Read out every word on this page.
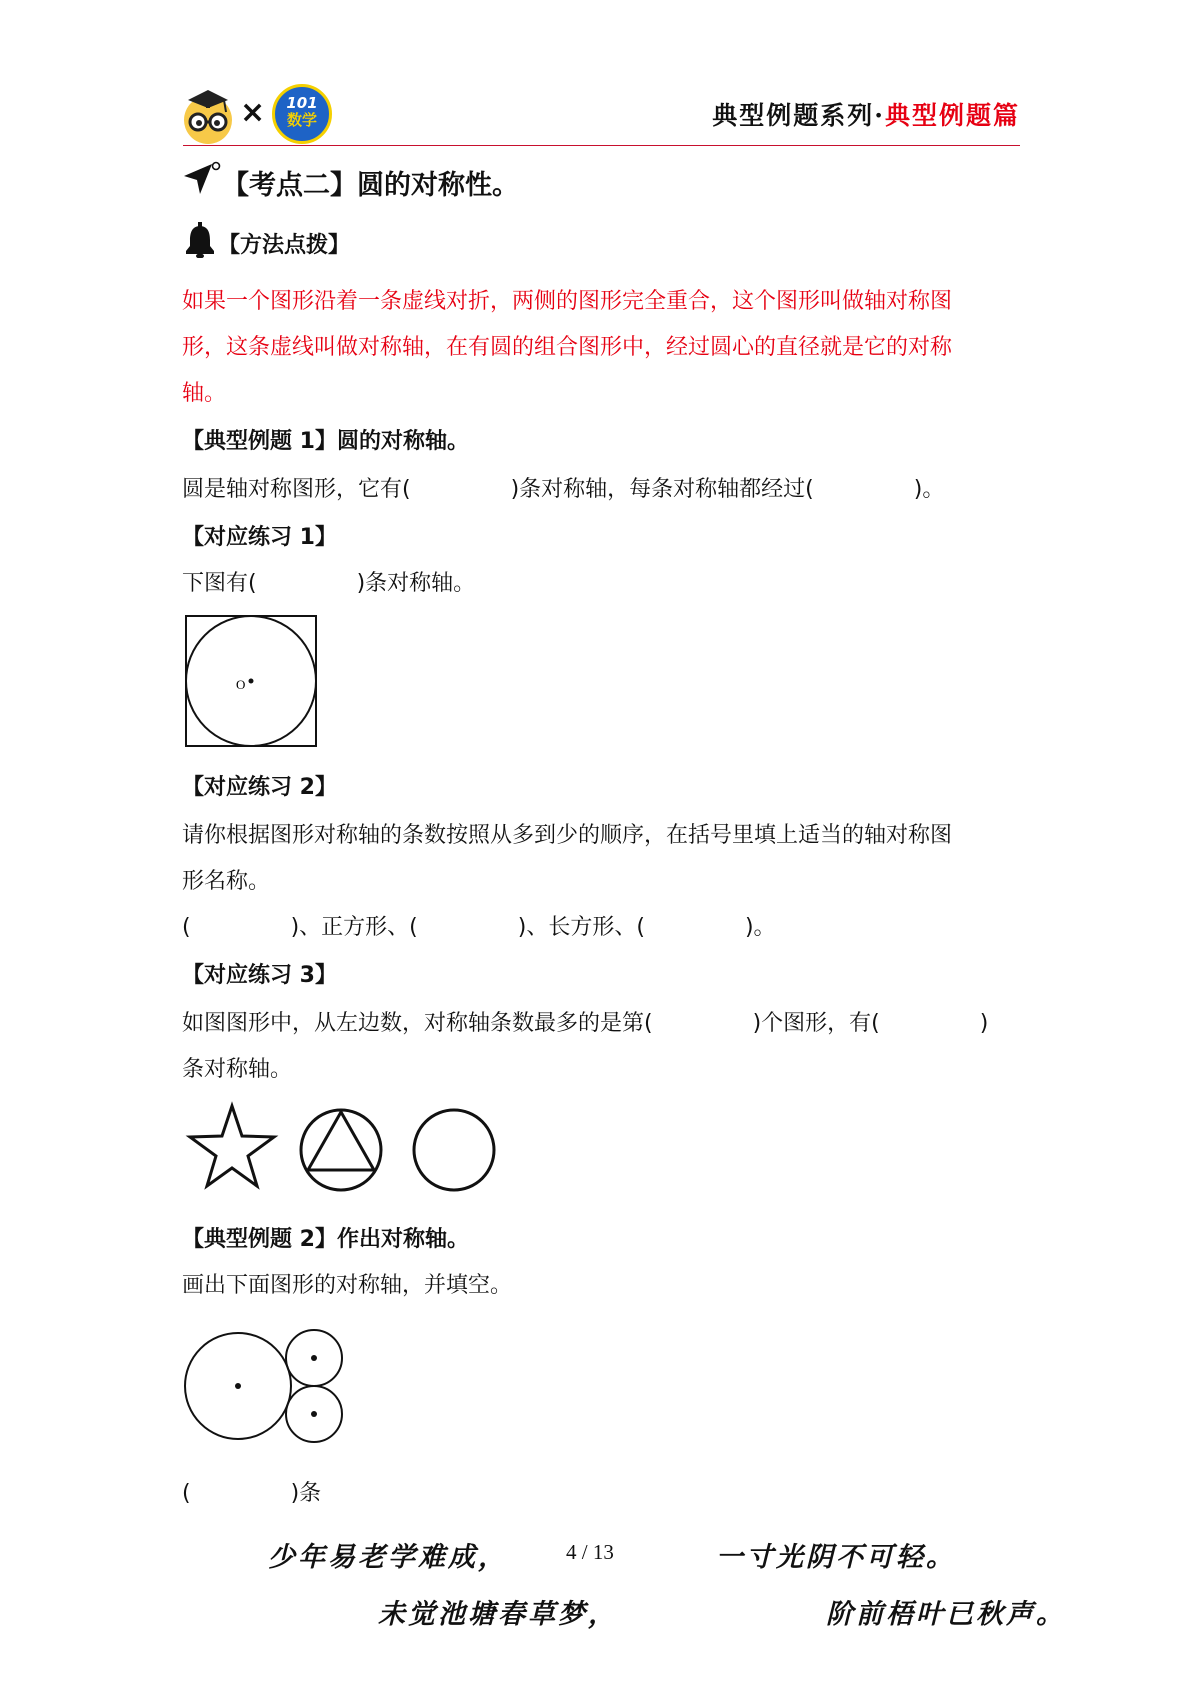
×	101
数学	典型例题系列·典型例题篇
【考点二】圆的对称性。
【方法点拨】
如果一个图形沿着一条虚线对折，两侧的图形完全重合，这个图形叫做轴对称图
形，这条虚线叫做对称轴，在有圆的组合图形中，经过圆心的直径就是它的对称
轴。
【典型例题 1】圆的对称轴。
圆是轴对称图形，它有(	)条对称轴，每条对称轴都经过(	)。
【对应练习 1】
下图有(	)条对称轴。
O
【对应练习 2】
请你根据图形对称轴的条数按照从多到少的顺序，在括号里填上适当的轴对称图
形名称。
(	)、正方形、(	)、长方形、(	)。
【对应练习 3】
如图图形中，从左边数，对称轴条数最多的是第(	)个图形，有(	)
条对称轴。
【典型例题 2】作出对称轴。
画出下面图形的对称轴，并填空。
(	)条
少年易老学难成，	4 / 13	一寸光阴不可轻。
未觉池塘春草梦，	阶前梧叶已秋声。
